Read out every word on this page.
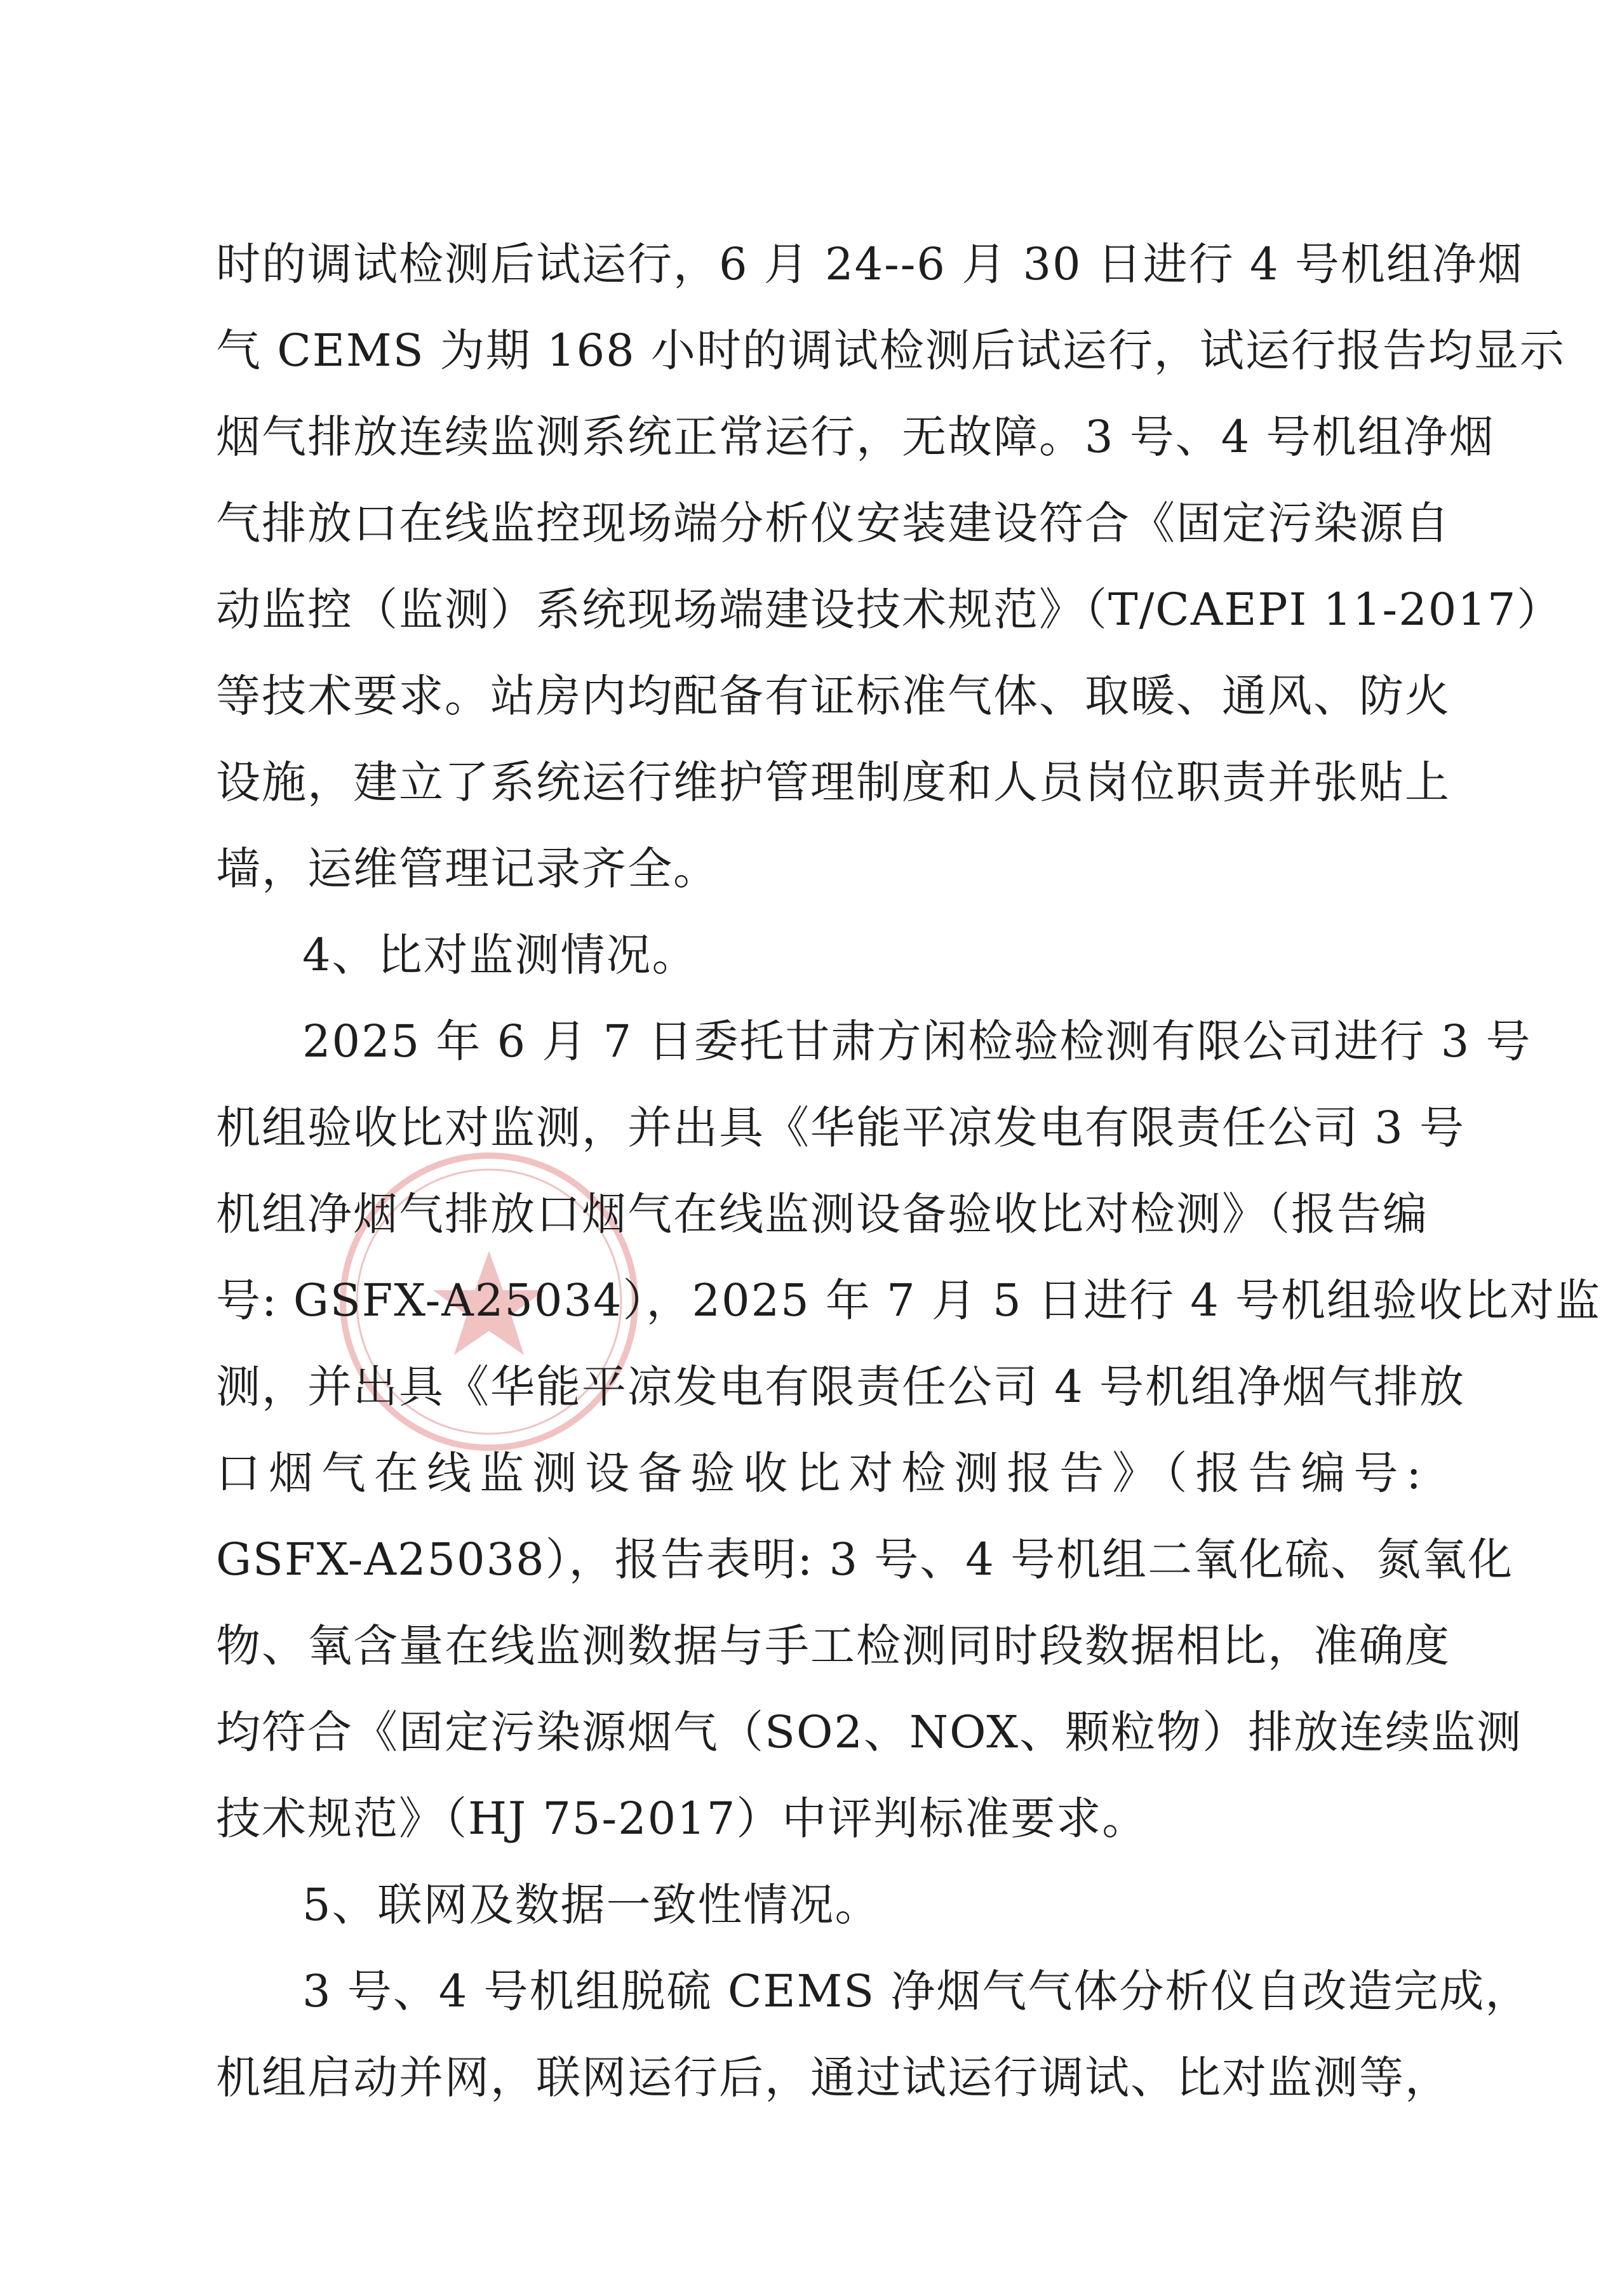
时的调试检测后试运行，6 月 24--6 月 30 日进行 4 号机组净烟
气 CEMS 为期 168 小时的调试检测后试运行，试运行报告均显示
烟气排放连续监测系统正常运行，无故障。3 号、4 号机组净烟
气排放口在线监控现场端分析仪安装建设符合《固定污染源自
动监控（监测）系统现场端建设技术规范》（T/CAEPI 11-2017）
等技术要求。站房内均配备有证标准气体、取暖、通风、防火
设施，建立了系统运行维护管理制度和人员岗位职责并张贴上
墙，运维管理记录齐全。
4、比对监测情况。
2025 年 6 月 7 日委托甘肃方闲检验检测有限公司进行 3 号
机组验收比对监测，并出具《华能平凉发电有限责任公司 3 号
机组净烟气排放口烟气在线监测设备验收比对检测》（报告编
号: GSFX-A25034），2025 年 7 月 5 日进行 4 号机组验收比对监
测，并出具《华能平凉发电有限责任公司 4 号机组净烟气排放
口烟气在线监测设备验收比对检测报告》（报告编号:
GSFX-A25038），报告表明: 3 号、4 号机组二氧化硫、氮氧化
物、氧含量在线监测数据与手工检测同时段数据相比，准确度
均符合《固定污染源烟气（SO2、NOX、颗粒物）排放连续监测
技术规范》（HJ 75-2017）中评判标准要求。
5、联网及数据一致性情况。
3 号、4 号机组脱硫 CEMS 净烟气气体分析仪自改造完成，
机组启动并网，联网运行后，通过试运行调试、比对监测等，
